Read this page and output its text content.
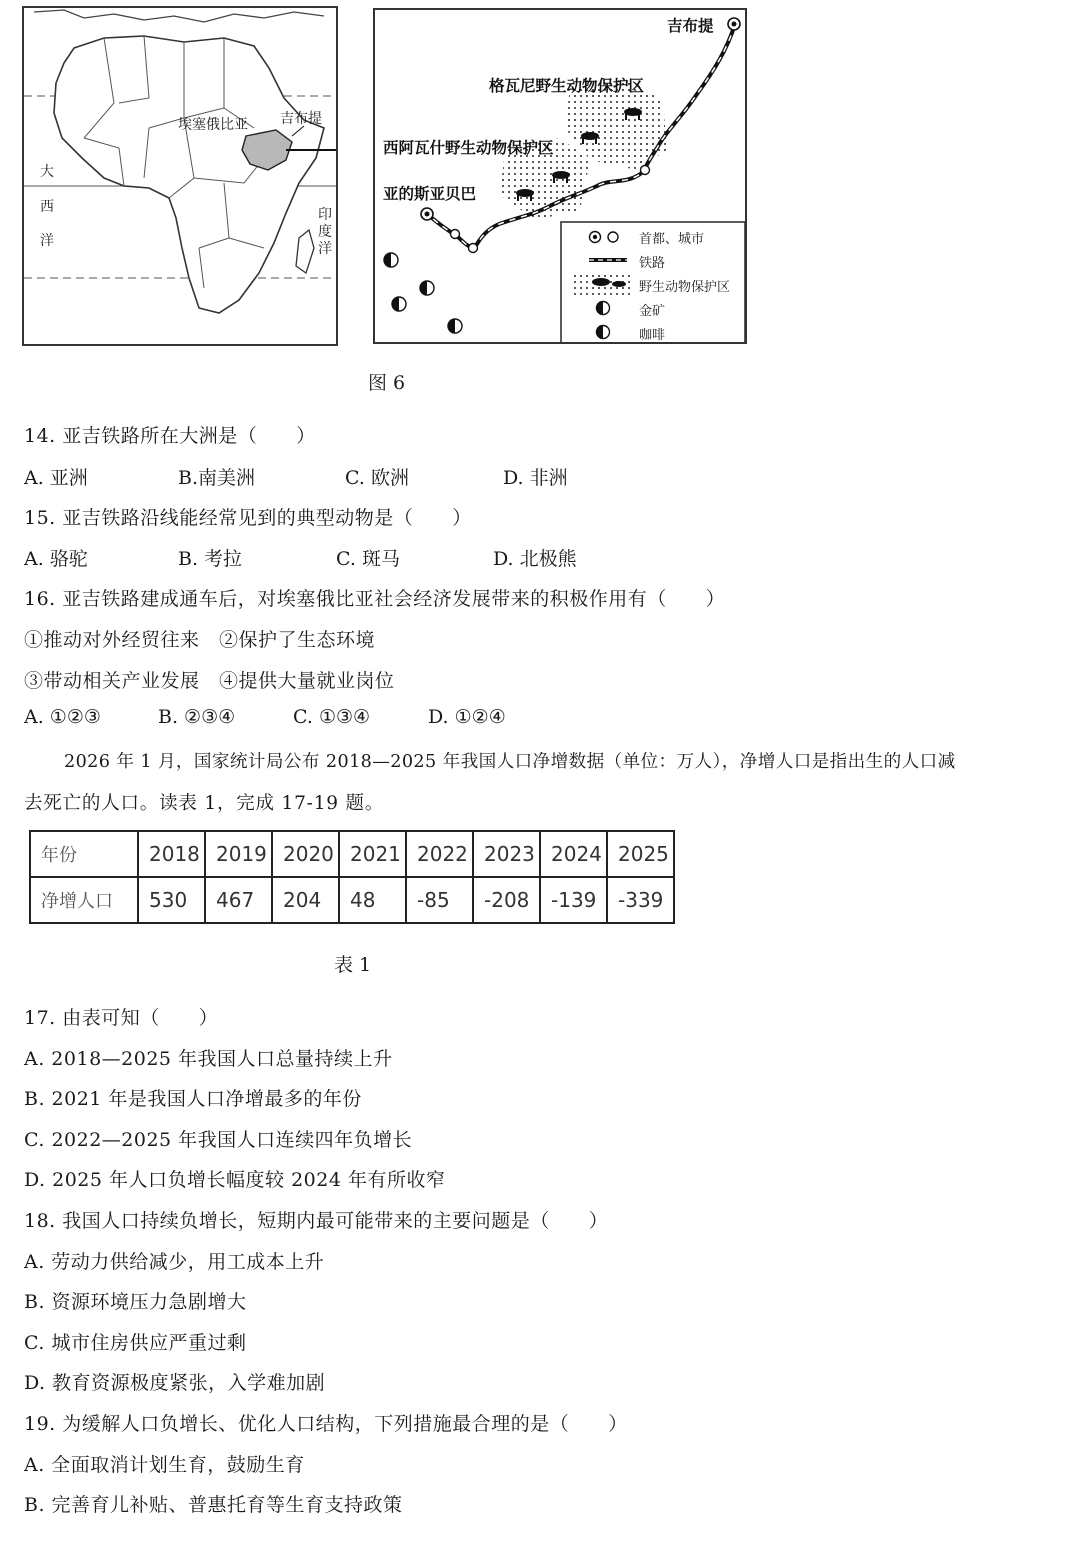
埃塞俄比亚 吉布提
大
西
洋
印
度
洋
吉布提
格瓦尼野生动物保护区
西阿瓦什野生动物保护区
亚的斯亚贝巴
首都、城市
铁路
野生动物保护区
金矿
咖啡
图 6
14. 亚吉铁路所在大洲是（　　）
A. 亚洲	B.南美洲	C. 欧洲	D. 非洲
15. 亚吉铁路沿线能经常见到的典型动物是（　　）
A. 骆驼	B. 考拉	C. 斑马	D. 北极熊
16. 亚吉铁路建成通车后，对埃塞俄比亚社会经济发展带来的积极作用有（　　）
①推动对外经贸往来　②保护了生态环境
③带动相关产业发展　④提供大量就业岗位
A. ①②③	B. ②③④	C. ①③④	D. ①②④
2026 年 1 月，国家统计局公布 2018—2025 年我国人口净增数据（单位：万人），净增人口是指出生的人口减
去死亡的人口。读表 1，完成 17-19 题。
年份	2018	2019	2020	2021	2022	2023	2024	2025
净增人口	530	467	204	48	-85	-208	-139	-339
表 1
17. 由表可知（　　）
A. 2018—2025 年我国人口总量持续上升
B. 2021 年是我国人口净增最多的年份
C. 2022—2025 年我国人口连续四年负增长
D. 2025 年人口负增长幅度较 2024 年有所收窄
18. 我国人口持续负增长，短期内最可能带来的主要问题是（　　）
A. 劳动力供给减少，用工成本上升
B. 资源环境压力急剧增大
C. 城市住房供应严重过剩
D. 教育资源极度紧张，入学难加剧
19. 为缓解人口负增长、优化人口结构，下列措施最合理的是（　　）
A. 全面取消计划生育，鼓励生育
B. 完善育儿补贴、普惠托育等生育支持政策
